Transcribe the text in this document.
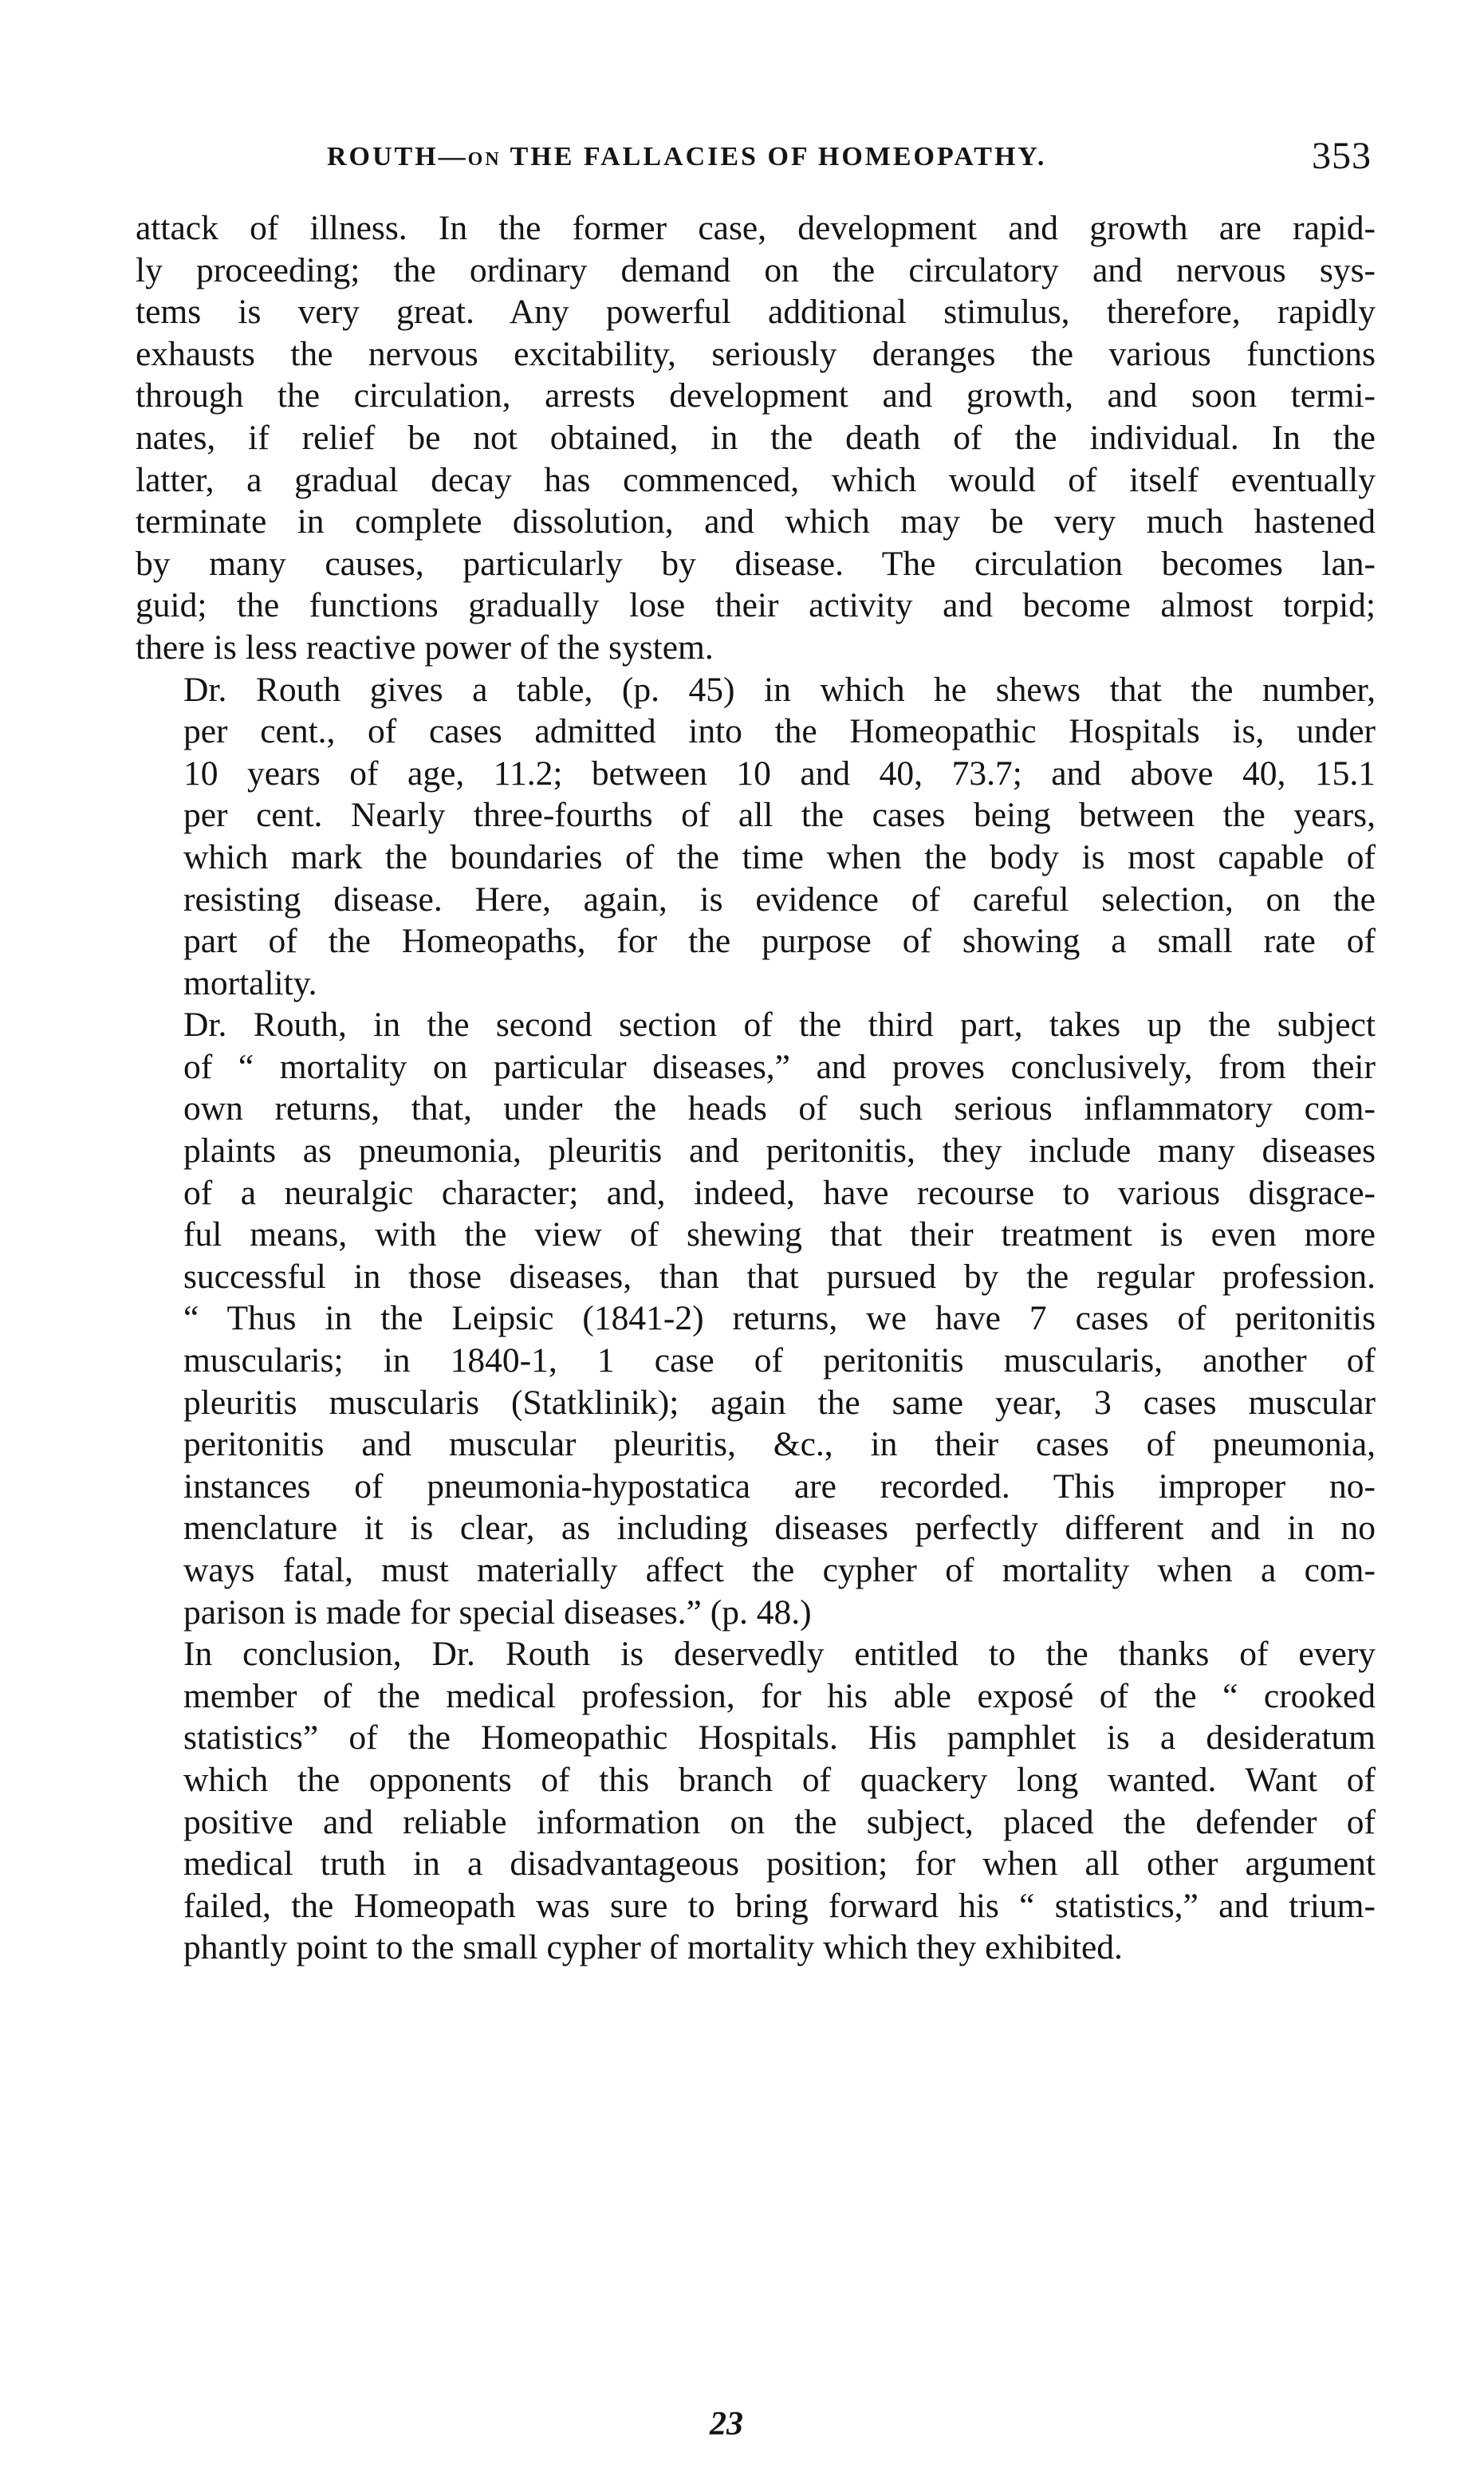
ROUTH—on THE FALLACIES OF HOMEOPATHY.	353
attack of illness. In the former case, development and growth are rapid-
ly proceeding; the ordinary demand on the circulatory and nervous sys-
tems is very great. Any powerful additional stimulus, therefore, rapidly
exhausts the nervous excitability, seriously deranges the various functions
through the circulation, arrests development and growth, and soon termi-
nates, if relief be not obtained, in the death of the individual. In the
latter, a gradual decay has commenced, which would of itself eventually
terminate in complete dissolution, and which may be very much hastened
by many causes, particularly by disease. The circulation becomes lan-
guid; the functions gradually lose their activity and become almost torpid;
there is less reactive power of the system.
Dr. Routh gives a table, (p. 45) in which he shews that the number,
per cent., of cases admitted into the Homeopathic Hospitals is, under
10 years of age, 11.2; between 10 and 40, 73.7; and above 40, 15.1
per cent. Nearly three-fourths of all the cases being between the years,
which mark the boundaries of the time when the body is most capable of
resisting disease. Here, again, is evidence of careful selection, on the
part of the Homeopaths, for the purpose of showing a small rate of
mortality.
Dr. Routh, in the second section of the third part, takes up the subject
of “ mortality on particular diseases,” and proves conclusively, from their
own returns, that, under the heads of such serious inflammatory com-
plaints as pneumonia, pleuritis and peritonitis, they include many diseases
of a neuralgic character; and, indeed, have recourse to various disgrace-
ful means, with the view of shewing that their treatment is even more
successful in those diseases, than that pursued by the regular profession.
“ Thus in the Leipsic (1841-2) returns, we have 7 cases of peritonitis
muscularis; in 1840-1, 1 case of peritonitis muscularis, another of
pleuritis muscularis (Statklinik); again the same year, 3 cases muscular
peritonitis and muscular pleuritis, &c., in their cases of pneumonia,
instances of pneumonia-hypostatica are recorded. This improper no-
menclature it is clear, as including diseases perfectly different and in no
ways fatal, must materially affect the cypher of mortality when a com-
parison is made for special diseases.” (p. 48.)
In conclusion, Dr. Routh is deservedly entitled to the thanks of every
member of the medical profession, for his able exposé of the “ crooked
statistics” of the Homeopathic Hospitals. His pamphlet is a desideratum
which the opponents of this branch of quackery long wanted. Want of
positive and reliable information on the subject, placed the defender of
medical truth in a disadvantageous position; for when all other argument
failed, the Homeopath was sure to bring forward his “ statistics,” and trium-
phantly point to the small cypher of mortality which they exhibited.
23
